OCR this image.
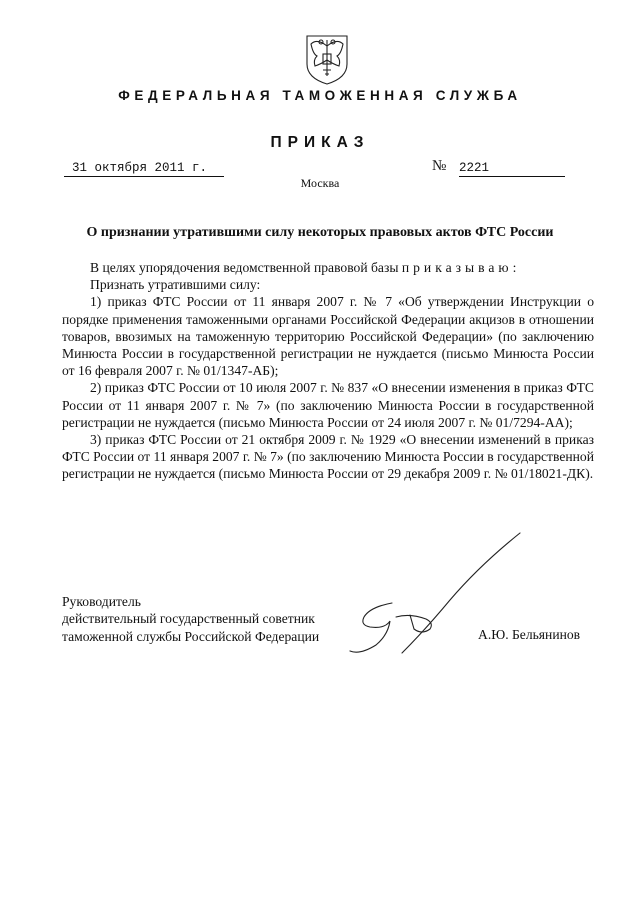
ФЕДЕРАЛЬНАЯ ТАМОЖЕННАЯ СЛУЖБА
ПРИКАЗ
31 октября 2011 г.	№ 2221
Москва
О признании утратившими силу некоторых правовых актов ФТС России

В целях упорядочения ведомственной правовой базы приказываю:

Признать утратившими силу:

1) приказ ФТС России от 11 января 2007 г. № 7 «Об утверждении Инструкции о порядке применения таможенными органами Российской Федерации акцизов в отношении товаров, ввозимых на таможенную территорию Российской Федерации» (по заключению Минюста России в государственной регистрации не нуждается (письмо Минюста России от 16 февраля 2007 г. № 01/1347-АБ);

2) приказ ФТС России от 10 июля 2007 г. № 837 «О внесении изменения в приказ ФТС России от 11 января 2007 г. № 7» (по заключению Минюста России в государственной регистрации не нуждается (письмо Минюста России от 24 июля 2007 г. № 01/7294-АА);

3) приказ ФТС России от 21 октября 2009 г. № 1929 «О внесении изменений в приказ ФТС России от 11 января 2007 г. № 7» (по заключению Минюста России в государственной регистрации не нуждается (письмо Минюста России от 29 декабря 2009 г. № 01/18021-ДК).

Руководитель
действительный государственный советник
таможенной службы Российской Федерации	А.Ю. Бельянинов
